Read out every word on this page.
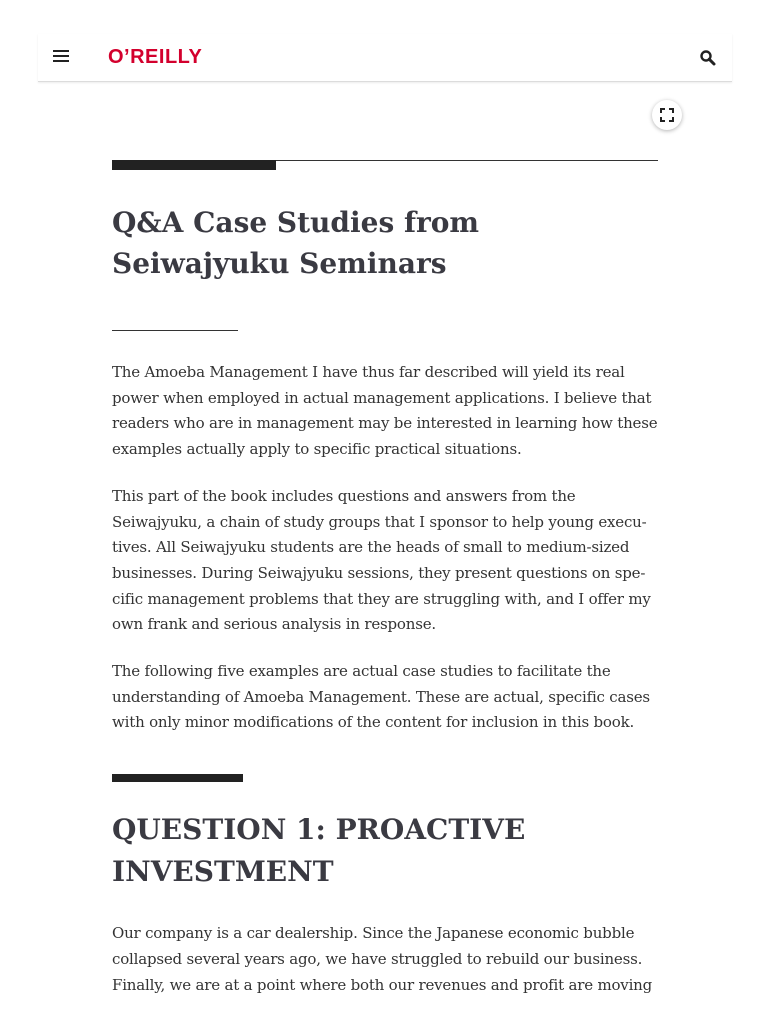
O’REILLY
Q&A Case Studies from Seiwajyuku Seminars

The Amoeba Management I have thus far described will yield its real power when employed in actual management applications. I believe that readers who are in management may be interested in learning how these examples actually apply to specific practical situations.

This part of the book includes questions and answers from the Seiwajyuku, a chain of study groups that I sponsor to help young executives. All Seiwajyuku students are the heads of small to medium-sized businesses. During Seiwajyuku sessions, they present questions on specific management problems that they are struggling with, and I offer my own frank and serious analysis in response.

The following five examples are actual case studies to facilitate the understanding of Amoeba Management. These are actual, specific cases with only minor modifications of the content for inclusion in this book.

QUESTION 1: PROACTIVE INVESTMENT

Our company is a car dealership. Since the Japanese economic bubble collapsed several years ago, we have struggled to rebuild our business. Finally, we are at a point where both our revenues and profit are moving
